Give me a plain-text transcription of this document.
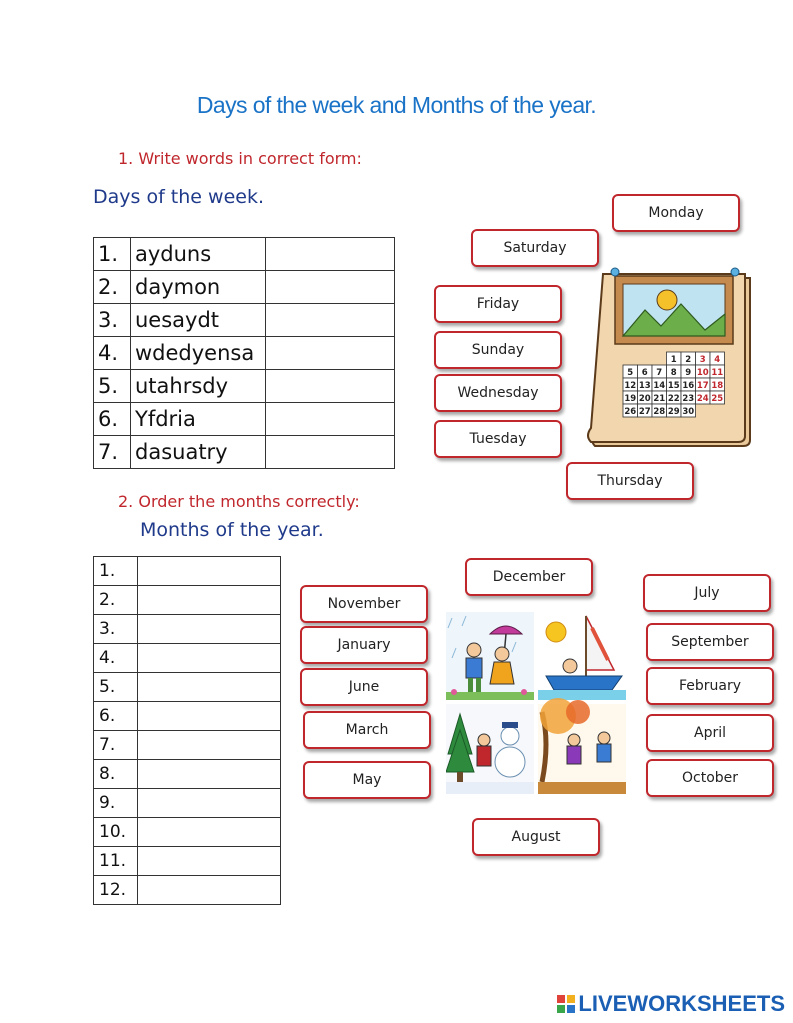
Days of the week and Months of the year.
1. Write words in correct form:
Days of the week.
1.	ayduns	
2.	daymon	
3.	uesaydt	
4.	wdedyensa	
5.	utahrsdy	
6.	Yfdria	
7.	dasuatry	
Monday
Saturday
Friday
Sunday
Wednesday
Tuesday
Thursday
1 2 3 4
5 6 7 8 9 10 11
12 13 14 15 16 17 18
19 20 21 22 23 24 25
26 27 28 29 30
2. Order the months correctly:
Months of the year.
1.	
2.	
3.	
4.	
5.	
6.	
7.	
8.	
9.	
10.	
11.	
12.	
December
November
January
June
March
May
July
September
February
April
October
August
LIVEWORKSHEETS
